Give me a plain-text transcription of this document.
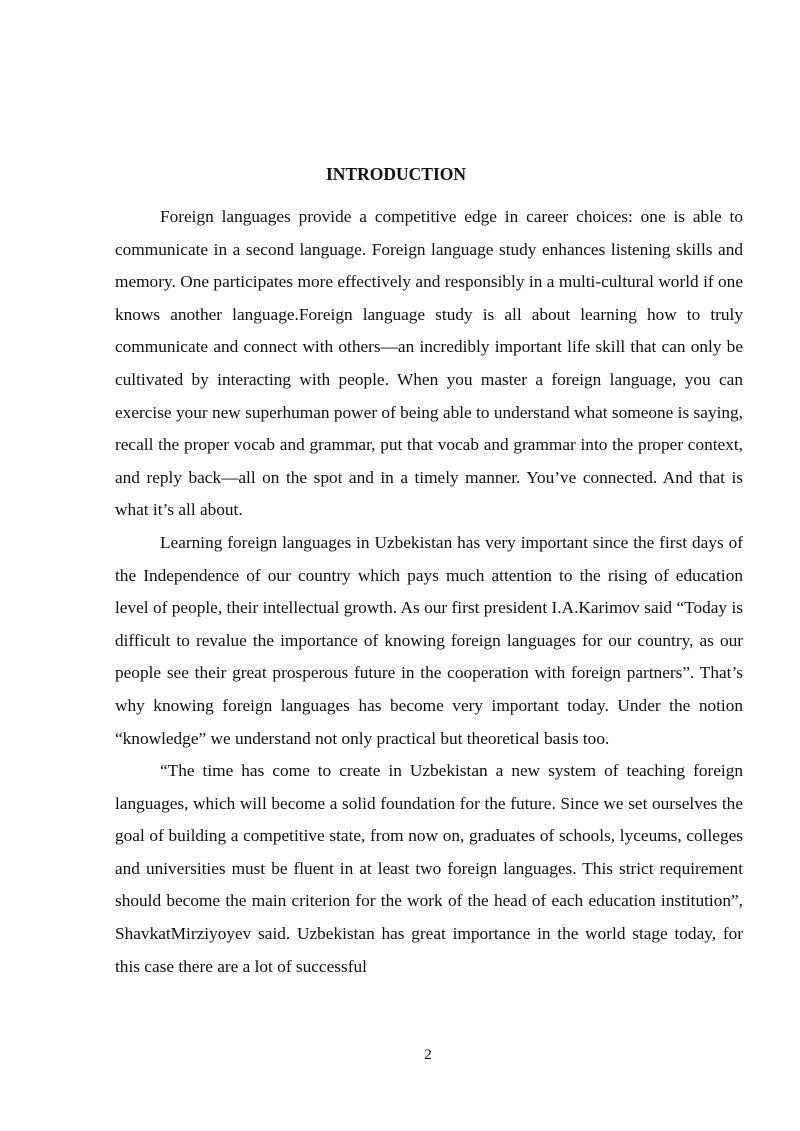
INTRODUCTION

Foreign languages provide a competitive edge in career choices: one is able to communicate in a second language. Foreign language study enhances listening skills and memory. One participates more effectively and responsibly in a multi-cultural world if one knows another language.Foreign language study is all about learning how to truly communicate and connect with others—an incredibly important life skill that can only be cultivated by interacting with people. When you master a foreign language, you can exercise your new superhuman power of being able to understand what someone is saying, recall the proper vocab and grammar, put that vocab and grammar into the proper context, and reply back—all on the spot and in a timely manner. You’ve connected. And that is what it’s all about.

Learning foreign languages in Uzbekistan has very important since the first days of the Independence of our country which pays much attention to the rising of education level of people, their intellectual growth. As our first president I.A.Karimov said “Today is difficult to revalue the importance of knowing foreign languages for our country, as our people see their great prosperous future in the cooperation with foreign partners”. That’s why knowing foreign languages has become very important today. Under the notion “knowledge” we understand not only practical but theoretical basis too.

“The time has come to create in Uzbekistan a new system of teaching foreign languages, which will become a solid foundation for the future. Since we set ourselves the goal of building a competitive state, from now on, graduates of schools, lyceums, colleges and universities must be fluent in at least two foreign languages. This strict requirement should become the main criterion for the work of the head of each education institution”, ShavkatMirziyoyev said. Uzbekistan has great importance in the world stage today, for this case there are a lot of successful

2
